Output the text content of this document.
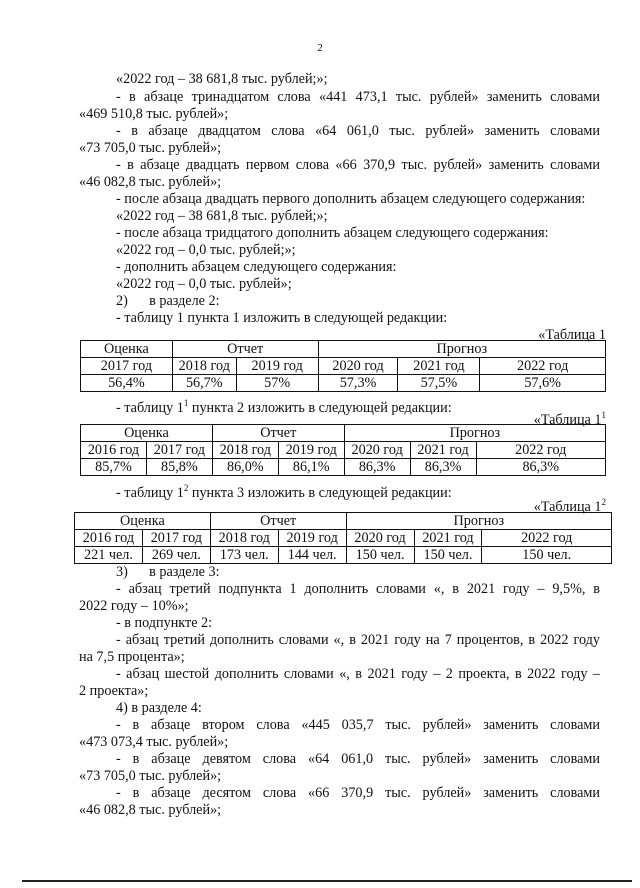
2
«2022 год – 38 681,8 тыс. рублей;»;
- в абзаце тринадцатом слова «441 473,1 тыс. рублей» заменить словами
«469 510,8 тыс. рублей»;
- в абзаце двадцатом слова «64 061,0 тыс. рублей» заменить словами
«73 705,0 тыс. рублей»;
- в абзаце двадцать первом слова «66 370,9 тыс. рублей» заменить словами
«46 082,8 тыс. рублей»;
- после абзаца двадцать первого дополнить абзацем следующего содержания:
«2022 год – 38 681,8 тыс. рублей;»;
- после абзаца тридцатого дополнить абзацем следующего содержания:
«2022 год – 0,0 тыс. рублей;»;
- дополнить абзацем следующего содержания:
«2022 год – 0,0 тыс. рублей»;
2)      в разделе 2:
- таблицу 1 пункта 1 изложить в следующей редакции:
«Таблица 1
Оценка	Отчет		Прогноз		
2017 год	2018 год	2019 год	2020 год	2021 год	2022 год
56,4%	56,7%	57%	57,3%	57,5%	57,6%
- таблицу $1^1$ пункта 2 изложить в следующей редакции:
«Таблица $1^1$
Оценка		Отчет		Прогноз		
2016 год	2017 год	2018 год	2019 год	2020 год	2021 год	2022 год
85,7%	85,8%	86,0%	86,1%	86,3%	86,3%	86,3%
- таблицу $1^2$ пункта 3 изложить в следующей редакции:
«Таблица $1^2$
Оценка		Отчет		Прогноз		
2016 год	2017 год	2018 год	2019 год	2020 год	2021 год	2022 год
221 чел.	269 чел.	173 чел.	144 чел.	150 чел.	150 чел.	150 чел.
3)      в разделе 3:
- абзац третий подпункта 1 дополнить словами «, в 2021 году – 9,5%, в
2022 году – 10%»;
- в подпункте 2:
- абзац третий дополнить словами «, в 2021 году на 7 процентов, в 2022 году
на 7,5 процента»;
- абзац шестой дополнить словами «, в 2021 году – 2 проекта, в 2022 году –
2 проекта»;
4) в разделе 4:
- в абзаце втором слова «445 035,7 тыс. рублей» заменить словами
«473 073,4 тыс. рублей»;
- в абзаце девятом слова «64 061,0 тыс. рублей» заменить словами
«73 705,0 тыс. рублей»;
- в абзаце десятом слова «66 370,9 тыс. рублей» заменить словами
«46 082,8 тыс. рублей»;
